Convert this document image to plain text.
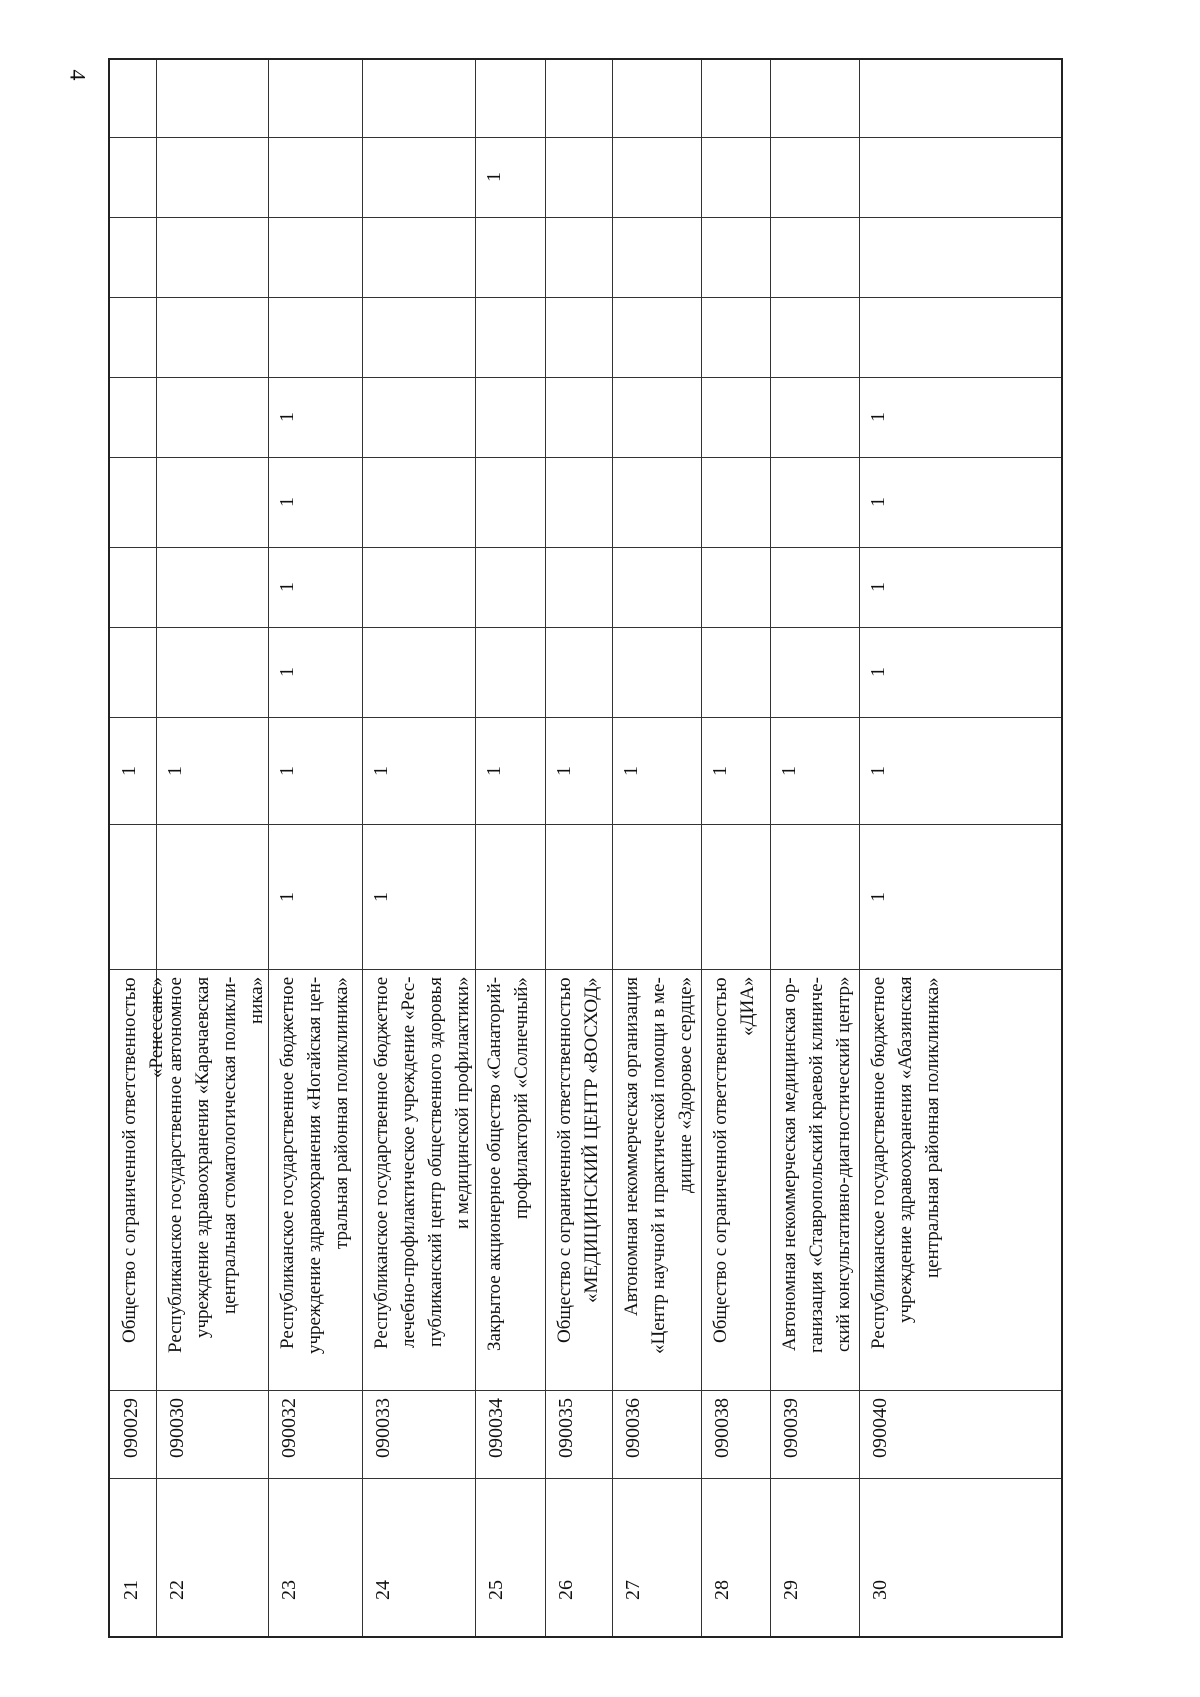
4
21
090029
Общество с ограниченной ответственностью «Ренессанс»
1
22
090030
Республиканское государственное автономное учреждение здравоохранения «Карачаевская центральная стоматологическая поликли- ника»
1
23
090032
Республиканское государственное бюджетное учреждение здравоохранения «Ногайская цен- тральная районная поликлиника»
1
1
1
1
1
1
24
090033
Республиканское государственное бюджетное лечебно-профилактическое учреждение «Рес- публиканский центр общественного здоровья и медицинской профилактики»
1
1
25
090034
Закрытое акционерное общество «Санаторий- профилакторий «Солнечный»
1
1
26
090035
Общество с ограниченной ответственностью «МЕДИЦИНСКИЙ ЦЕНТР «ВОСХОД»
1
27
090036
Автономная некоммерческая организация «Центр научной и практической помощи в ме- дицине «Здоровое сердце»
1
28
090038
Общество с ограниченной ответственностью «ДИА»
1
29
090039
Автономная некоммерческая медицинская ор- ганизация «Ставропольский краевой клиниче- ский консультативно-диагностический центр»
1
30
090040
Республиканское государственное бюджетное учреждение здравоохранения «Абазинская центральная районная поликлиника»
1
1
1
1
1
1
